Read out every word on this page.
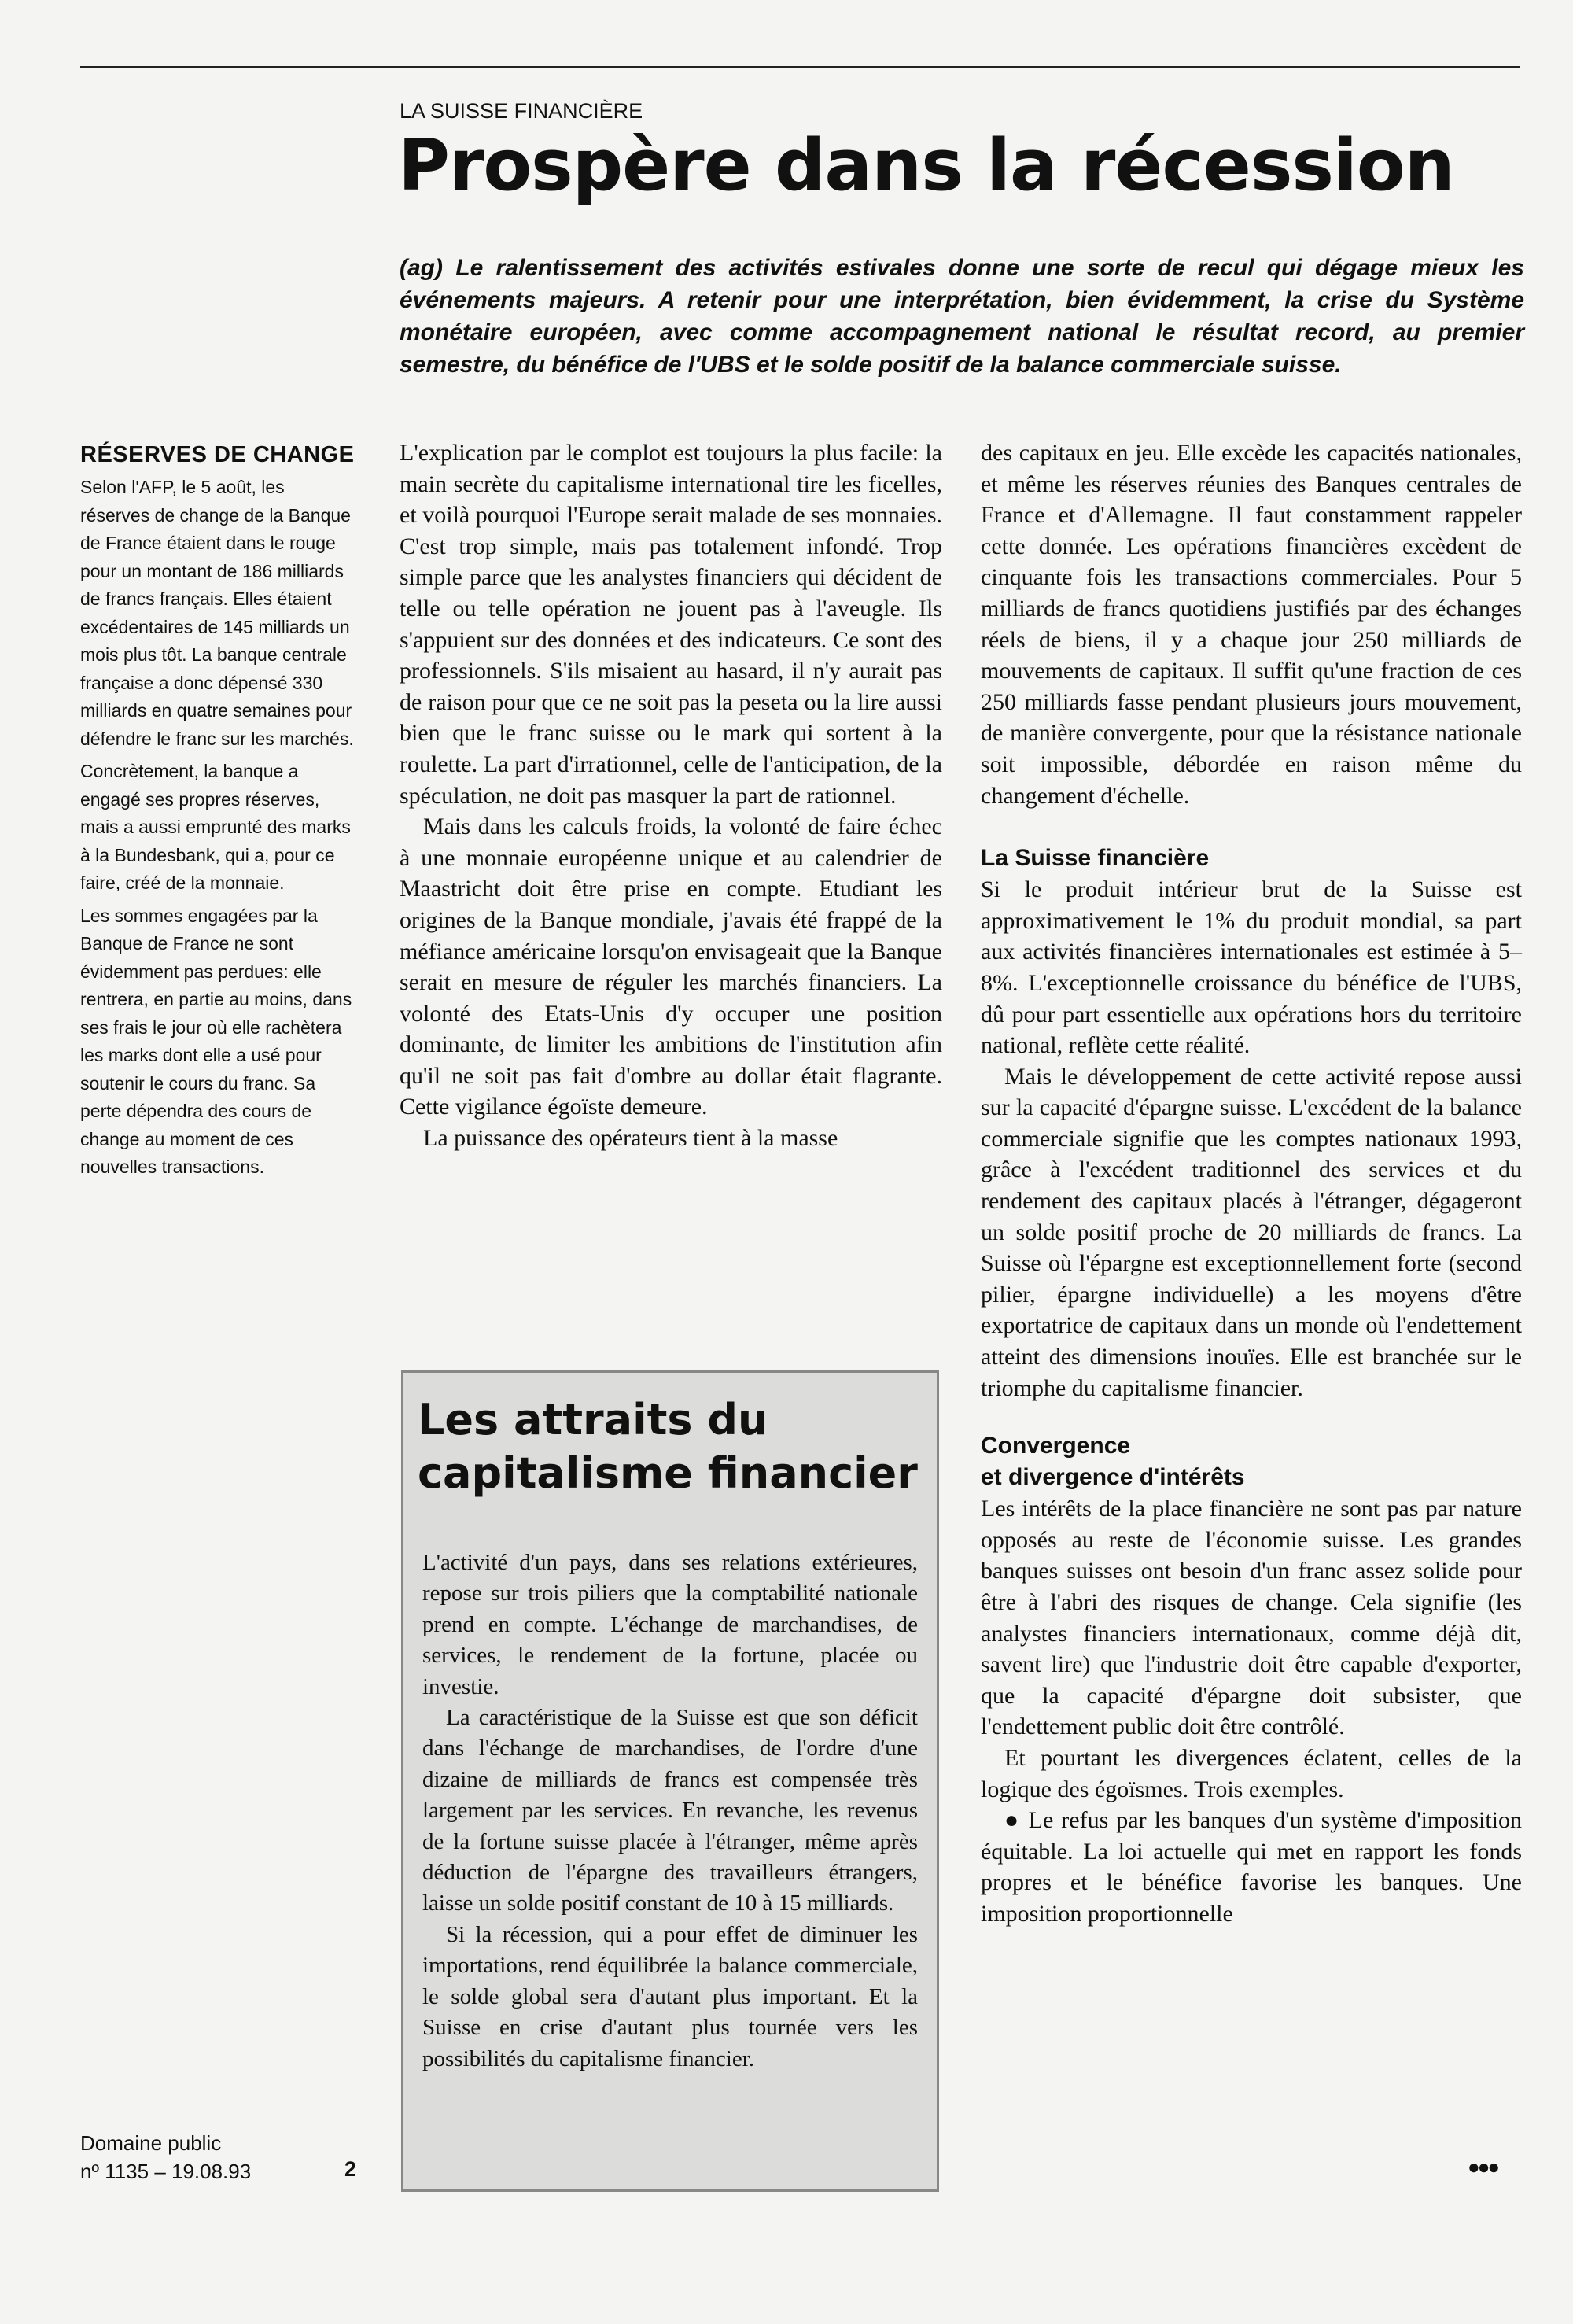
LA SUISSE FINANCIÈRE
Prospère dans la récession

(ag) Le ralentissement des activités estivales donne une sorte de recul qui dégage mieux les événements majeurs. A retenir pour une interprétation, bien évidemment, la crise du Système monétaire européen, avec comme accompagnement national le résultat record, au premier semestre, du bénéfice de l'UBS et le solde positif de la balance commerciale suisse.

RÉSERVES DE CHANGE

Selon l'AFP, le 5 août, les réserves de change de la Banque de France étaient dans le rouge pour un montant de 186 milliards de francs français. Elles étaient excédentaires de 145 milliards un mois plus tôt. La banque centrale française a donc dépensé 330 milliards en quatre semaines pour défendre le franc sur les marchés.

Concrètement, la banque a engagé ses propres réserves, mais a aussi emprunté des marks à la Bundesbank, qui a, pour ce faire, créé de la monnaie.

Les sommes engagées par la Banque de France ne sont évidemment pas perdues: elle rentrera, en partie au moins, dans ses frais le jour où elle rachètera les marks dont elle a usé pour soutenir le cours du franc. Sa perte dépendra des cours de change au moment de ces nouvelles transactions.

L'explication par le complot est toujours la plus facile: la main secrète du capitalisme international tire les ficelles, et voilà pourquoi l'Europe serait malade de ses monnaies. C'est trop simple, mais pas totalement infondé. Trop simple parce que les analystes financiers qui décident de telle ou telle opération ne jouent pas à l'aveugle. Ils s'appuient sur des données et des indicateurs. Ce sont des professionnels. S'ils misaient au hasard, il n'y aurait pas de raison pour que ce ne soit pas la peseta ou la lire aussi bien que le franc suisse ou le mark qui sortent à la roulette. La part d'irrationnel, celle de l'anticipation, de la spéculation, ne doit pas masquer la part de rationnel.

Mais dans les calculs froids, la volonté de faire échec à une monnaie européenne unique et au calendrier de Maastricht doit être prise en compte. Etudiant les origines de la Banque mondiale, j'avais été frappé de la méfiance américaine lorsqu'on envisageait que la Banque serait en mesure de réguler les marchés financiers. La volonté des Etats-Unis d'y occuper une position dominante, de limiter les ambitions de l'institution afin qu'il ne soit pas fait d'ombre au dollar était flagrante. Cette vigilance égoïste demeure.

La puissance des opérateurs tient à la masse

Les attraits du capitalisme financier

L'activité d'un pays, dans ses relations extérieures, repose sur trois piliers que la comptabilité nationale prend en compte. L'échange de marchandises, de services, le rendement de la fortune, placée ou investie.

La caractéristique de la Suisse est que son déficit dans l'échange de marchandises, de l'ordre d'une dizaine de milliards de francs est compensée très largement par les services. En revanche, les revenus de la fortune suisse placée à l'étranger, même après déduction de l'épargne des travailleurs étrangers, laisse un solde positif constant de 10 à 15 milliards.

Si la récession, qui a pour effet de diminuer les importations, rend équilibrée la balance commerciale, le solde global sera d'autant plus important. Et la Suisse en crise d'autant plus tournée vers les possibilités du capitalisme financier.

des capitaux en jeu. Elle excède les capacités nationales, et même les réserves réunies des Banques centrales de France et d'Allemagne. Il faut constamment rappeler cette donnée. Les opérations financières excèdent de cinquante fois les transactions commerciales. Pour 5 milliards de francs quotidiens justifiés par des échanges réels de biens, il y a chaque jour 250 milliards de mouvements de capitaux. Il suffit qu'une fraction de ces 250 milliards fasse pendant plusieurs jours mouvement, de manière convergente, pour que la résistance nationale soit impossible, débordée en raison même du changement d'échelle.

La Suisse financière

Si le produit intérieur brut de la Suisse est approximativement le 1% du produit mondial, sa part aux activités financières internationales est estimée à 5–8%. L'exceptionnelle croissance du bénéfice de l'UBS, dû pour part essentielle aux opérations hors du territoire national, reflète cette réalité.

Mais le développement de cette activité repose aussi sur la capacité d'épargne suisse. L'excédent de la balance commerciale signifie que les comptes nationaux 1993, grâce à l'excédent traditionnel des services et du rendement des capitaux placés à l'étranger, dégageront un solde positif proche de 20 milliards de francs. La Suisse où l'épargne est exceptionnellement forte (second pilier, épargne individuelle) a les moyens d'être exportatrice de capitaux dans un monde où l'endettement atteint des dimensions inouïes. Elle est branchée sur le triomphe du capitalisme financier.

Convergence
et divergence d'intérêts

Les intérêts de la place financière ne sont pas par nature opposés au reste de l'économie suisse. Les grandes banques suisses ont besoin d'un franc assez solide pour être à l'abri des risques de change. Cela signifie (les analystes financiers internationaux, comme déjà dit, savent lire) que l'industrie doit être capable d'exporter, que la capacité d'épargne doit subsister, que l'endettement public doit être contrôlé.

Et pourtant les divergences éclatent, celles de la logique des égoïsmes. Trois exemples.

● Le refus par les banques d'un système d'imposition équitable. La loi actuelle qui met en rapport les fonds propres et le bénéfice favorise les banques. Une imposition proportionnelle

Domaine public
nº 1135 – 19.08.93	2	●●●
